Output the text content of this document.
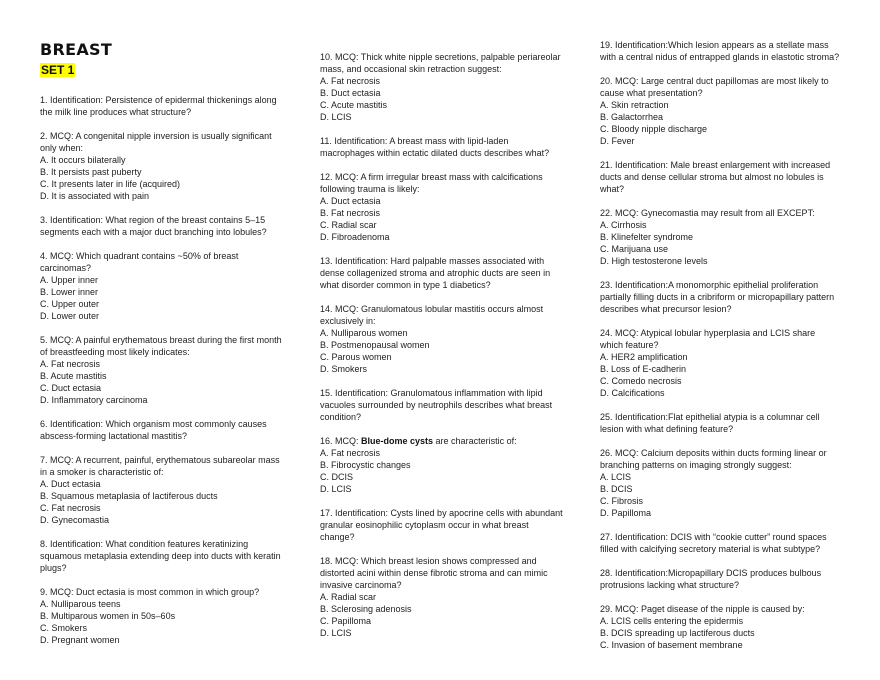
BREAST
SET 1
1. Identification: Persistence of epidermal thickenings along the milk line produces what structure?
2. MCQ: A congenital nipple inversion is usually significant only when:
A. It occurs bilaterally
B. It persists past puberty
C. It presents later in life (acquired)
D. It is associated with pain
3. Identification: What region of the breast contains 5–15 segments each with a major duct branching into lobules?
4. MCQ: Which quadrant contains ~50% of breast carcinomas?
A. Upper inner
B. Lower inner
C. Upper outer
D. Lower outer
5. MCQ: A painful erythematous breast during the first month of breastfeeding most likely indicates:
A. Fat necrosis
B. Acute mastitis
C. Duct ectasia
D. Inflammatory carcinoma
6. Identification: Which organism most commonly causes abscess-forming lactational mastitis?
7. MCQ: A recurrent, painful, erythematous subareolar mass in a smoker is characteristic of:
A. Duct ectasia
B. Squamous metaplasia of lactiferous ducts
C. Fat necrosis
D. Gynecomastia
8. Identification: What condition features keratinizing squamous metaplasia extending deep into ducts with keratin plugs?
9. MCQ: Duct ectasia is most common in which group?
A. Nulliparous teens
B. Multiparous women in 50s–60s
C. Smokers
D. Pregnant women
10. MCQ: Thick white nipple secretions, palpable periareolar mass, and occasional skin retraction suggest:
A. Fat necrosis
B. Duct ectasia
C. Acute mastitis
D. LCIS
11. Identification: A breast mass with lipid-laden macrophages within ectatic dilated ducts describes what?
12. MCQ: A firm irregular breast mass with calcifications following trauma is likely:
A. Duct ectasia
B. Fat necrosis
C. Radial scar
D. Fibroadenoma
13. Identification: Hard palpable masses associated with dense collagenized stroma and atrophic ducts are seen in what disorder common in type 1 diabetics?
14. MCQ: Granulomatous lobular mastitis occurs almost exclusively in:
A. Nulliparous women
B. Postmenopausal women
C. Parous women
D. Smokers
15. Identification: Granulomatous inflammation with lipid vacuoles surrounded by neutrophils describes what breast condition?
16. MCQ: Blue-dome cysts are characteristic of:
A. Fat necrosis
B. Fibrocystic changes
C. DCIS
D. LCIS
17. Identification: Cysts lined by apocrine cells with abundant granular eosinophilic cytoplasm occur in what breast change?
18. MCQ: Which breast lesion shows compressed and distorted acini within dense fibrotic stroma and can mimic invasive carcinoma?
A. Radial scar
B. Sclerosing adenosis
C. Papilloma
D. LCIS
19. Identification:Which lesion appears as a stellate mass with a central nidus of entrapped glands in elastotic stroma?
20. MCQ: Large central duct papillomas are most likely to cause what presentation?
A. Skin retraction
B. Galactorrhea
C. Bloody nipple discharge
D. Fever
21. Identification: Male breast enlargement with increased ducts and dense cellular stroma but almost no lobules is what?
22. MCQ: Gynecomastia may result from all EXCEPT:
A. Cirrhosis
B. Klinefelter syndrome
C. Marijuana use
D. High testosterone levels
23. Identification:A monomorphic epithelial proliferation partially filling ducts in a cribriform or micropapillary pattern describes what precursor lesion?
24. MCQ: Atypical lobular hyperplasia and LCIS share which feature?
A. HER2 amplification
B. Loss of E-cadherin
C. Comedo necrosis
D. Calcifications
25. Identification:Flat epithelial atypia is a columnar cell lesion with what defining feature?
26. MCQ: Calcium deposits within ducts forming linear or branching patterns on imaging strongly suggest:
A. LCIS
B. DCIS
C. Fibrosis
D. Papilloma
27. Identification: DCIS with “cookie cutter” round spaces filled with calcifying secretory material is what subtype?
28. Identification:Micropapillary DCIS produces bulbous protrusions lacking what structure?
29. MCQ: Paget disease of the nipple is caused by:
A. LCIS cells entering the epidermis
B. DCIS spreading up lactiferous ducts
C. Invasion of basement membrane
